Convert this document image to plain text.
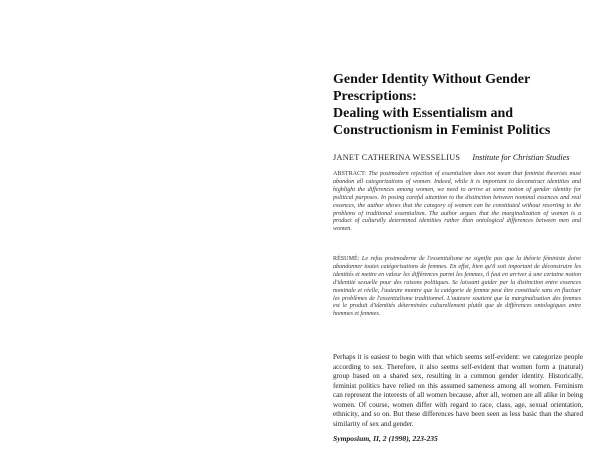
Gender Identity Without Gender
Prescriptions:
Dealing with Essentialism and
Constructionism in Feminist Politics
JANET CATHERINA WESSELIUS Institute for Christian Studies
ABSTRACT: The postmodern rejection of essentialism does not mean that feminist theorists must abandon all categorizations of women. Indeed, while it is important to deconstruct identities and highlight the differences among women, we need to arrive at some notion of gender identity for political purposes. In posing careful attention to the distinction between nominal essences and real essences, the author shows that the category of women can be constituted without resorting to the problems of traditional essentialism. The author argues that the marginalization of women is a product of culturally determined identities rather than ontological differences between men and women.
RÉSUMÉ: Le refus postmoderne de l'essentialisme ne signifie pas que la théorie féministe doive abandonner toutes catégorisations de femmes. En effet, bien qu'il soit important de déconstruire les identités et mettre en valeur les différences parmi les femmes, il faut en arriver à une certaine notion d'identité sexuelle pour des raisons politiques. Se laissant guider par la distinction entre essences nominale et réelle, l'auteure montre que la catégorie de femme peut être constituée sans en fluctuer les problèmes de l'essentialisme traditionnel. L'auteure soutient que la marginalisation des femmes est le produit d'identités déterminées culturellement plutôt que de différences ontologiques entre hommes et femmes.
Perhaps it is easiest to begin with that which seems self-evident: we categorize people according to sex. Therefore, it also seems self-evident that women form a (natural) group based on a shared sex, resulting in a common gender identity. Historically, feminist politics have relied on this assumed sameness among all women. Feminism can represent the interests of all women because, after all, women are all alike in being women. Of course, women differ with regard to race, class, age, sexual orientation, ethnicity, and so on. But these differences have been seen as less basic than the shared similarity of sex and gender.
Symposium, II, 2 (1998), 223-235
